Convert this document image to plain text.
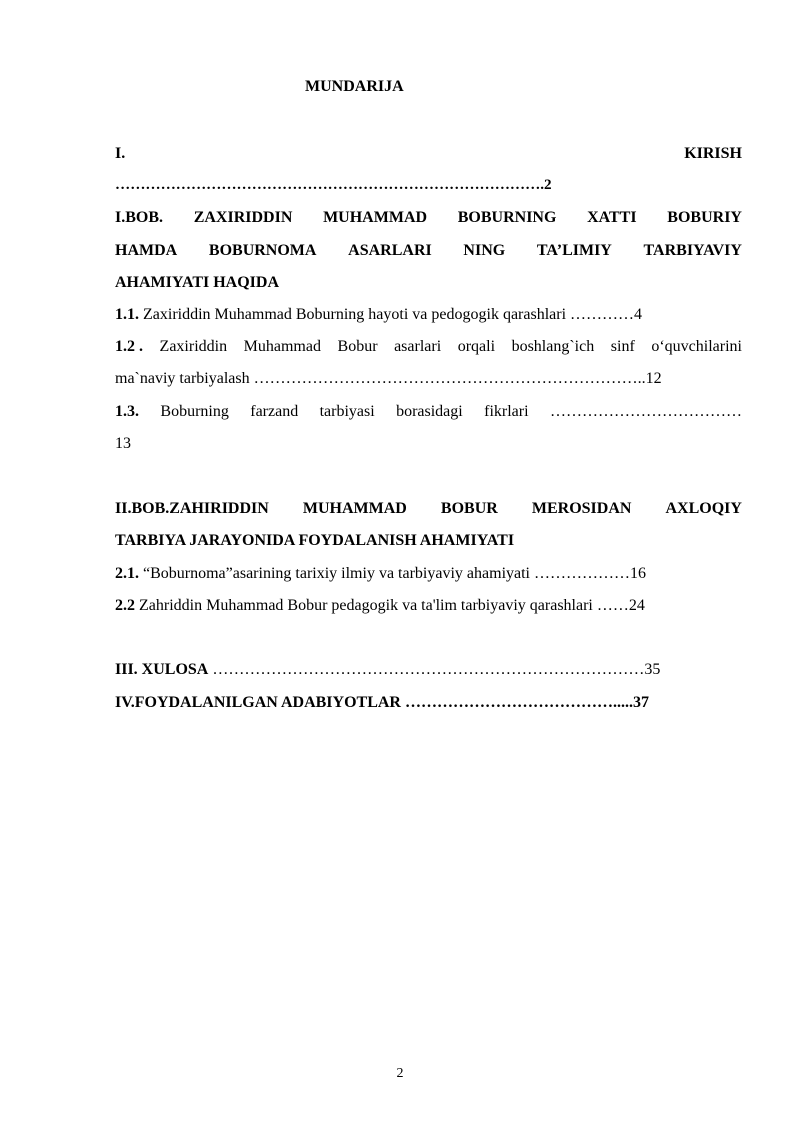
MUNDARIJA
I.	KIRISH
………………………………………………………………………….2
I.BOB. ZAXIRIDDIN MUHAMMAD BOBURNING XATTI BOBURIY
HAMDA BOBURNOMA ASARLARI NING TA’LIMIY TARBIYAVIY
AHAMIYATI HAQIDA
1.1. Zaxiriddin Muhammad Boburning hayoti va pedogogik qarashlari …………4
1.2 . Zaxiriddin Muhammad Bobur asarlari orqali boshlang`ich sinf o‘quvchilarini
ma`naviy tarbiyalash ………………………………………………………………..12
1.3. Boburning farzand tarbiyasi borasidagi fikrlari ………………………………
13
II.BOB.ZAHIRIDDIN MUHAMMAD BOBUR MEROSIDAN AXLOQIY
TARBIYA JARAYONIDA FOYDALANISH AHAMIYATI
2.1. “Boburnoma”asarining tarixiy ilmiy va tarbiyaviy ahamiyati ………………16
2.2 Zahriddin Muhammad Bobur pedagogik va ta'lim tarbiyaviy qarashlari ……24
III. XULOSA ………………………………………………………………………35
IV.FOYDALANILGAN ADABIYOTLAR ………………………………….....37
2
